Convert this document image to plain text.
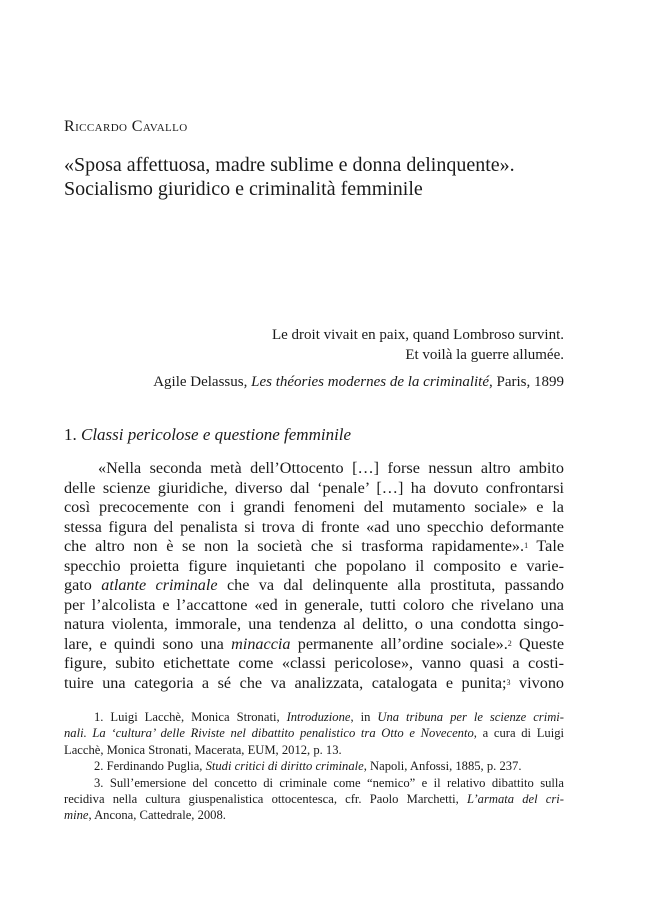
Riccardo Cavallo
«Sposa affettuosa, madre sublime e donna delinquente».
Socialismo giuridico e criminalità femminile
Le droit vivait en paix, quand Lombroso survint.
Et voilà la guerre allumée.
Agile Delassus, Les théories modernes de la criminalité, Paris, 1899
1. Classi pericolose e questione femminile
«Nella seconda metà dell’Ottocento […] forse nessun altro ambito
delle scienze giuridiche, diverso dal ‘penale’ […] ha dovuto confrontarsi
così precocemente con i grandi fenomeni del mutamento sociale» e la
stessa figura del penalista si trova di fronte «ad uno specchio deformante
che altro non è se non la società che si trasforma rapidamente».$^1$ Tale
specchio proietta figure inquietanti che popolano il composito e varie-
gato atlante criminale che va dal delinquente alla prostituta, passando
per l’alcolista e l’accattone «ed in generale, tutti coloro che rivelano una
natura violenta, immorale, una tendenza al delitto, o una condotta singo-
lare, e quindi sono una minaccia permanente all’ordine sociale».$^2$ Queste
figure, subito etichettate come «classi pericolose», vanno quasi a costi-
tuire una categoria a sé che va analizzata, catalogata e punita;$^3$ vivono
1. Luigi Lacchè, Monica Stronati, Introduzione, in Una tribuna per le scienze crimi-
nali. La ‘cultura’ delle Riviste nel dibattito penalistico tra Otto e Novecento, a cura di Luigi
Lacchè, Monica Stronati, Macerata, EUM, 2012, p. 13.
2. Ferdinando Puglia, Studi critici di diritto criminale, Napoli, Anfossi, 1885, p. 237.
3. Sull’emersione del concetto di criminale come “nemico” e il relativo dibattito sulla
recidiva nella cultura giuspenalistica ottocentesca, cfr. Paolo Marchetti, L’armata del cri-
mine, Ancona, Cattedrale, 2008.
